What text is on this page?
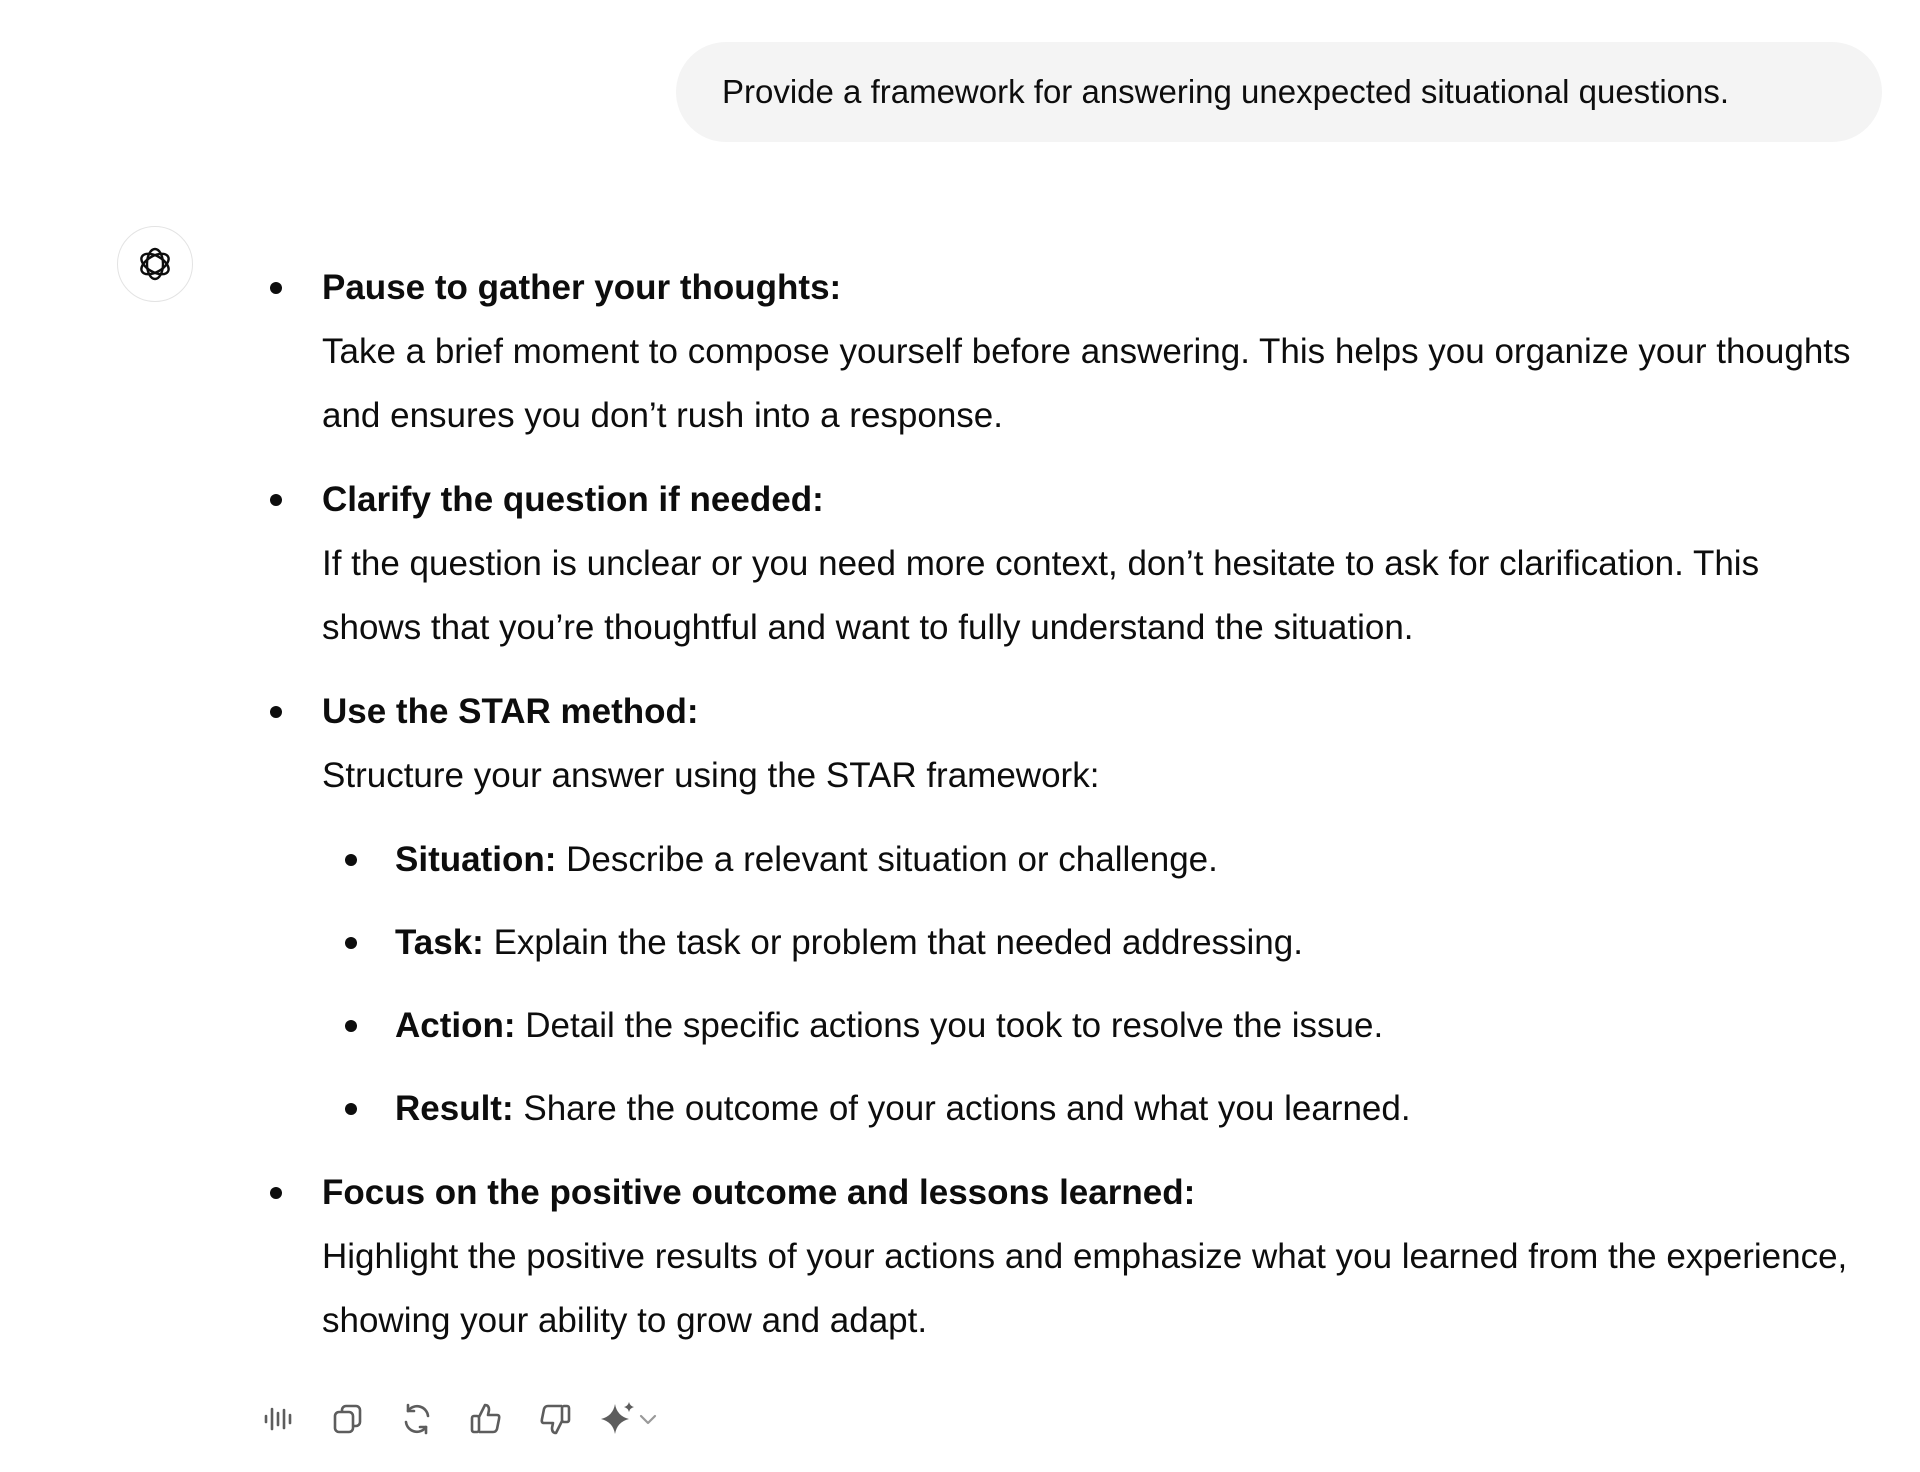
Provide a framework for answering unexpected situational questions.
Pause to gather your thoughts:
Take a brief moment to compose yourself before answering. This helps you organize your thoughts and ensures you don’t rush into a response.
Clarify the question if needed:
If the question is unclear or you need more context, don’t hesitate to ask for clarification. This shows that you’re thoughtful and want to fully understand the situation.
Use the STAR method:
Structure your answer using the STAR framework:
Situation: Describe a relevant situation or challenge.
Task: Explain the task or problem that needed addressing.
Action: Detail the specific actions you took to resolve the issue.
Result: Share the outcome of your actions and what you learned.
Focus on the positive outcome and lessons learned:
Highlight the positive results of your actions and emphasize what you learned from the experience, showing your ability to grow and adapt.
